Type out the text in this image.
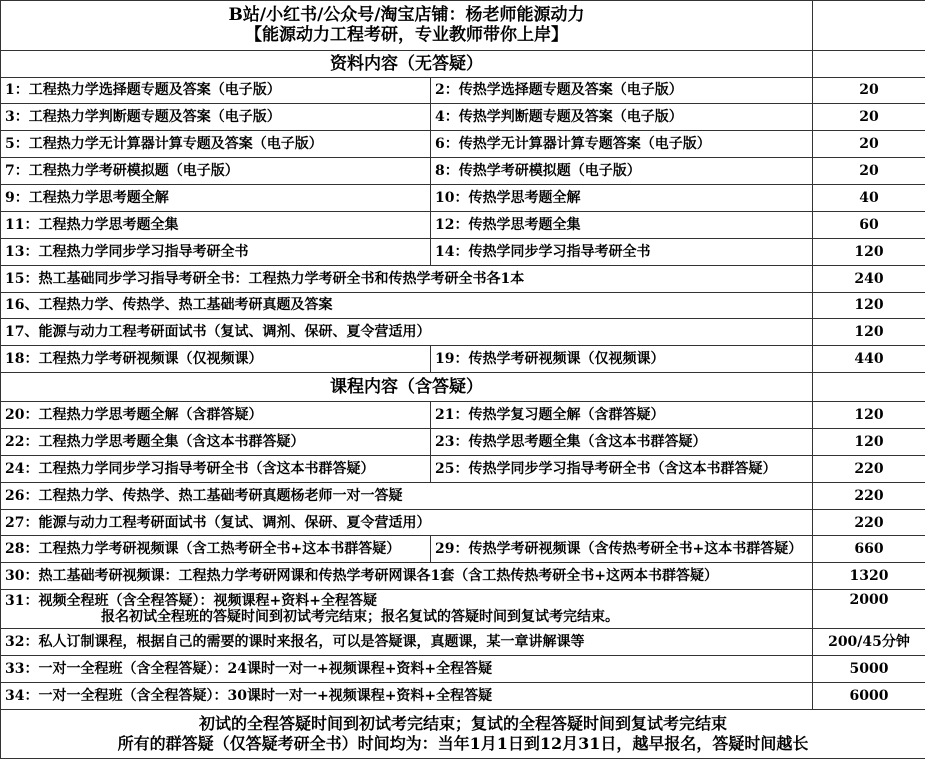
B站/小红书/公众号/淘宝店铺：杨老师能源动力
【能源动力工程考研，专业教师带你上岸】		

资料内容（无答疑）		
1：工程热力学选择题专题及答案（电子版）	2：传热学选择题专题及答案（电子版）	20
3：工程热力学判断题专题及答案（电子版）	4：传热学判断题专题及答案（电子版）	20
5：工程热力学无计算器计算专题及答案（电子版）	6：传热学无计算器计算专题答案（电子版）	20
7：工程热力学考研模拟题（电子版）	8：传热学考研模拟题（电子版）	20
9：工程热力学思考题全解	10：传热学思考题全解	40
11：工程热力学思考题全集	12：传热学思考题全集	60
13：工程热力学同步学习指导考研全书	14：传热学同步学习指导考研全书	120
15：热工基础同步学习指导考研全书：工程热力学考研全书和传热学考研全书各1本		240
16、工程热力学、传热学、热工基础考研真题及答案		120
17、能源与动力工程考研面试书（复试、调剂、保研、夏令营适用）		120
18：工程热力学考研视频课（仅视频课）	19：传热学考研视频课（仅视频课）	440
课程内容（含答疑）		
20：工程热力学思考题全解（含群答疑）	21：传热学复习题全解（含群答疑）	120
22：工程热力学思考题全集（含这本书群答疑）	23：传热学思考题全集（含这本书群答疑）	120
24：工程热力学同步学习指导考研全书（含这本书群答疑）	25：传热学同步学习指导考研全书（含这本书群答疑）	220
26：工程热力学、传热学、热工基础考研真题杨老师一对一答疑		220
27：能源与动力工程考研面试书（复试、调剂、保研、夏令营适用）		220
28：工程热力学考研视频课（含工热考研全书+这本书群答疑）	29：传热学考研视频课（含传热考研全书+这本书群答疑）	660
30：热工基础考研视频课：工程热力学考研网课和传热学考研网课各1套（含工热传热考研全书+这两本书群答疑）		1320

31：视频全程班（含全程答疑）：视频课程+资料+全程答疑
报名初试全程班的答疑时间到初试考完结束；报名复试的答疑时间到复试考完结束。		2000
32：私人订制课程，根据自己的需要的课时来报名，可以是答疑课，真题课，某一章讲解课等		200/45分钟
33：一对一全程班（含全程答疑）：24课时一对一+视频课程+资料+全程答疑		5000
34：一对一全程班（含全程答疑）：30课时一对一+视频课程+资料+全程答疑		6000

初试的全程答疑时间到初试考完结束；复试的全程答疑时间到复试考完结束
所有的群答疑（仅答疑考研全书）时间均为：当年1月1日到12月31日，越早报名，答疑时间越长		
